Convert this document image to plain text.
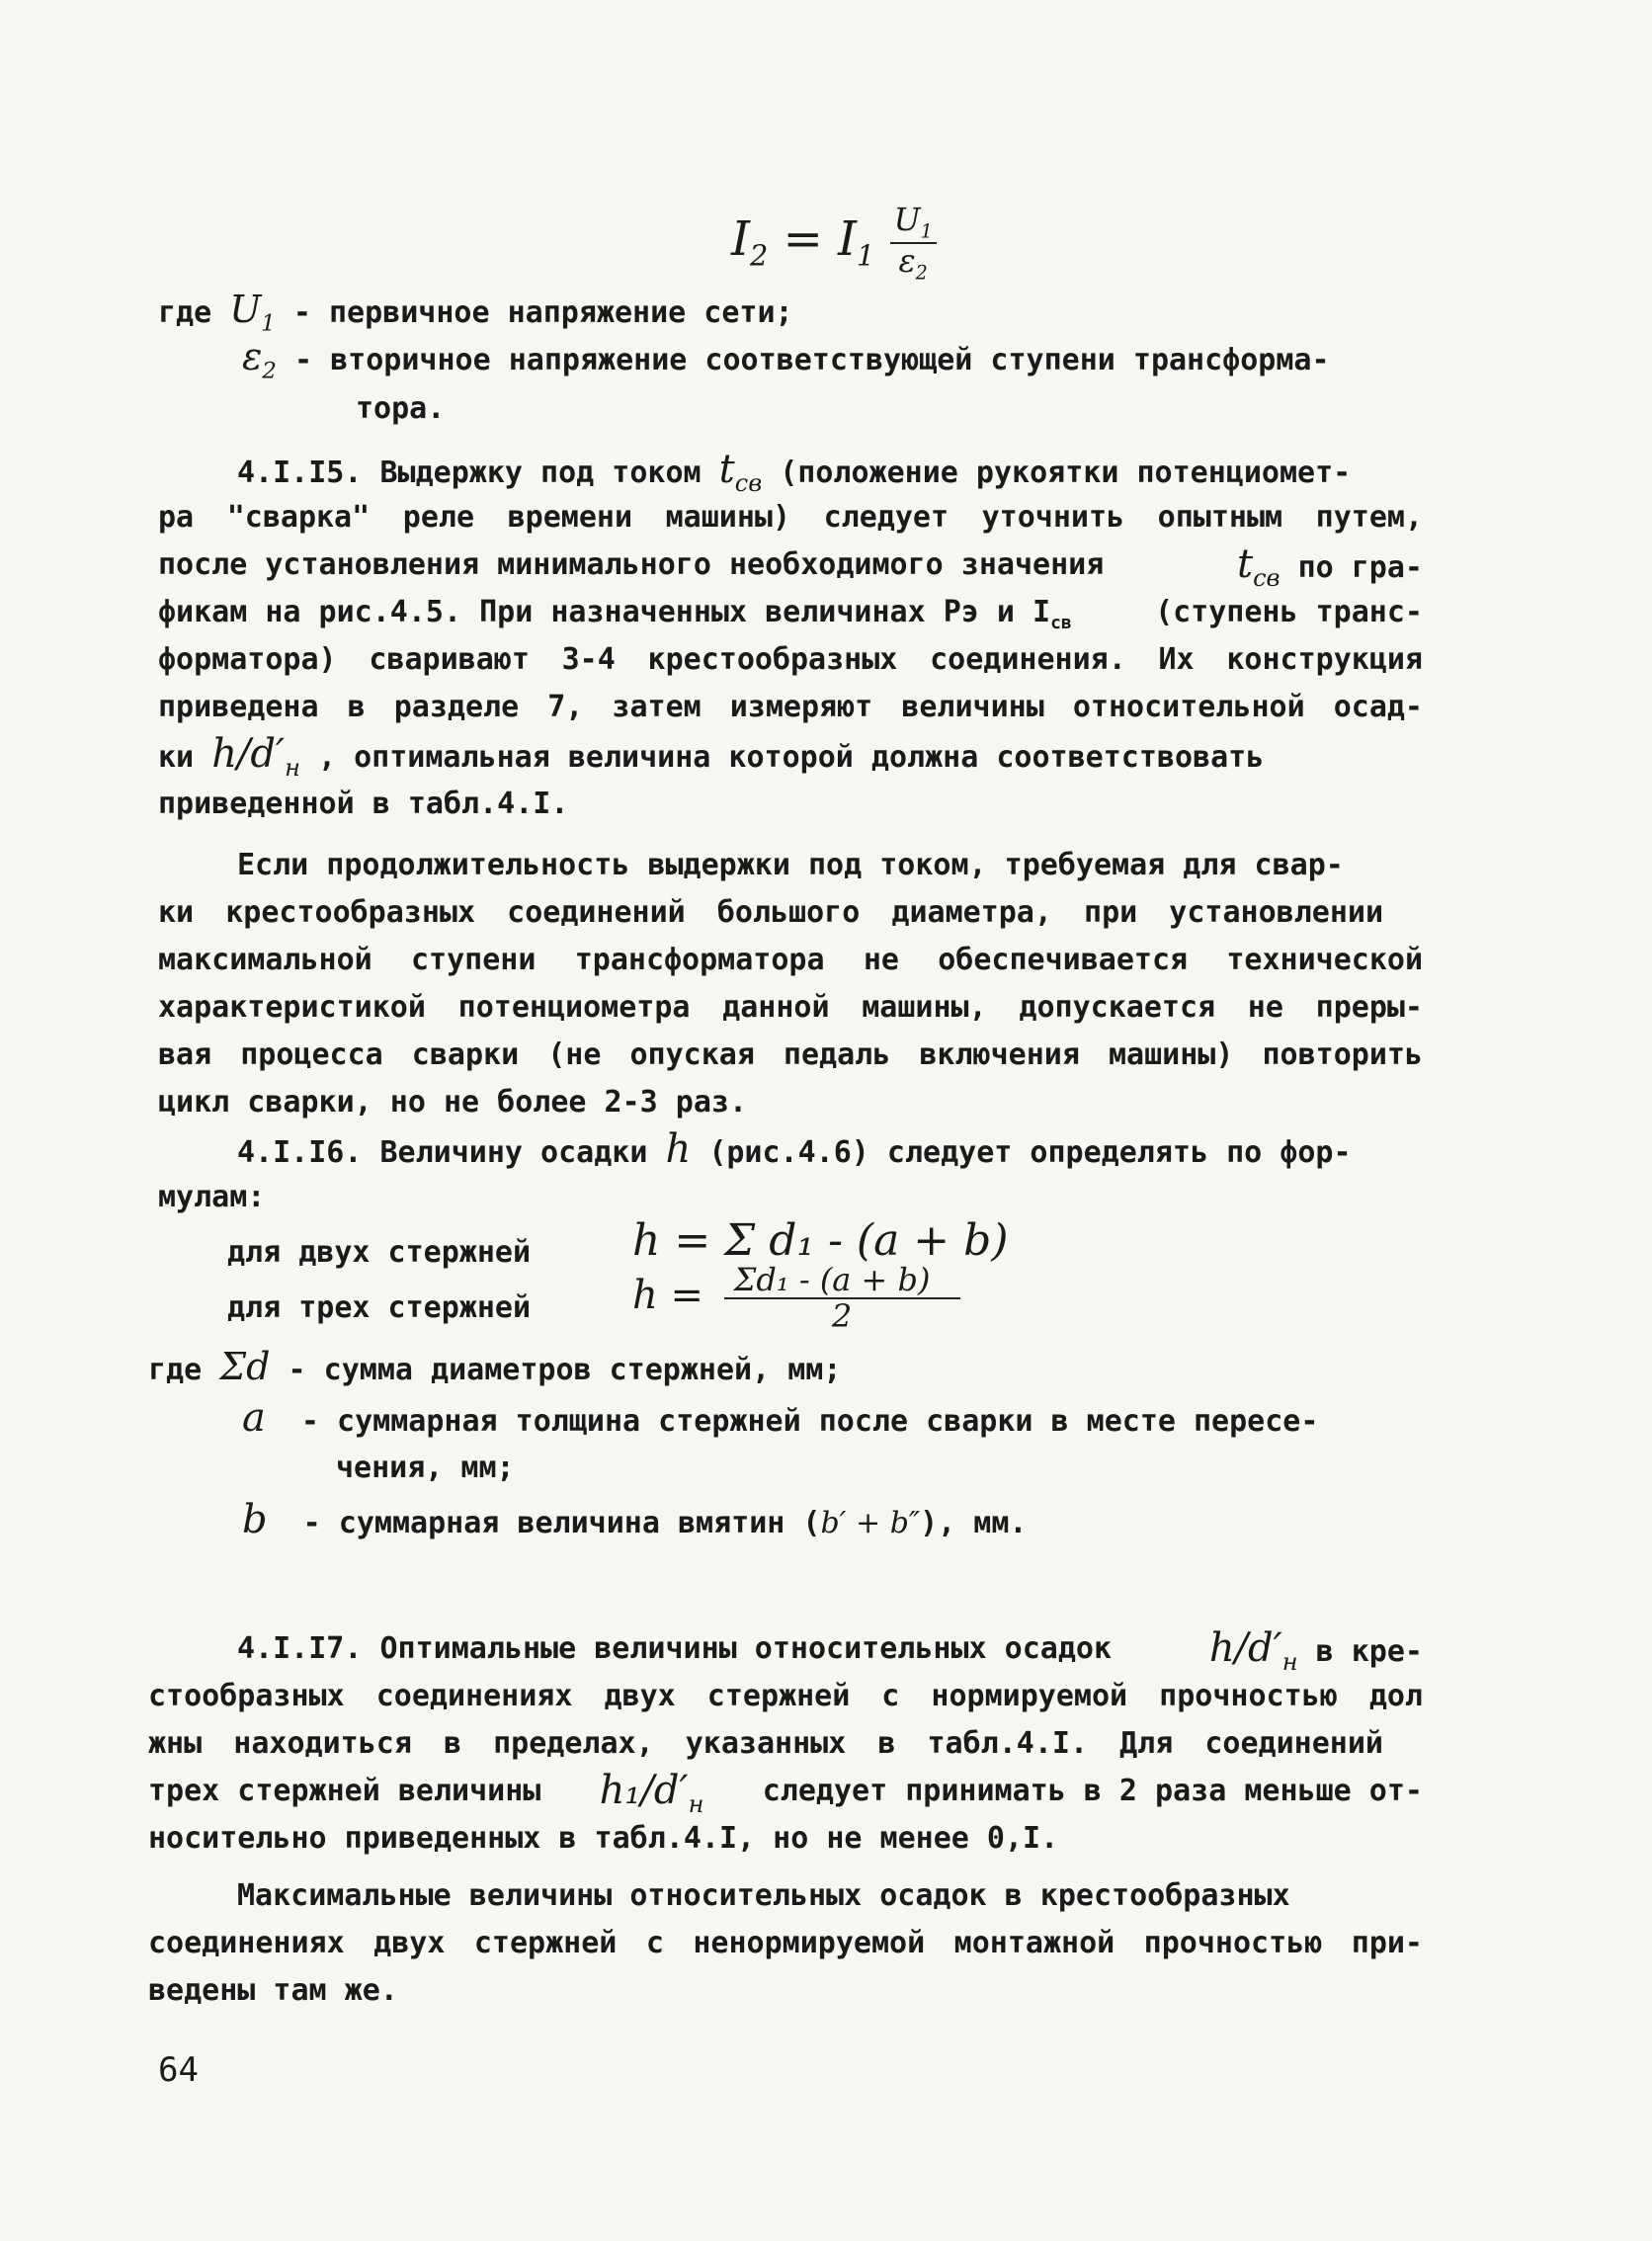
$I_2 = I_1 \frac{U_1}{\varepsilon_2}$
где $U_1$ - первичное напряжение сети;
$\varepsilon_2$ - вторичное напряжение соответствующей ступени трансформа-
тора.
4.I.I5. Выдержку под током $t_{св}$ (положение рукоятки потенциомет-
ра "сварка" реле времени машины) следует уточнить опытным путем,
после установления минимального необходимого значения	$t_{св}$ по гра-
фикам на рис.4.5. При назначенных величинах Рэ и $I_{св}$	(ступень транс-
форматора) сваривают 3-4 крестообразных соединения. Их конструкция
приведена в разделе 7, затем измеряют величины относительной осад-
ки $h/d'_н$ , оптимальная величина которой должна соответствовать
приведенной в табл.4.I.
Если продолжительность выдержки под током, требуемая для свар-
ки крестообразных соединений большого диаметра, при установлении
максимальной ступени трансформатора не обеспечивается технической
характеристикой потенциометра данной машины, допускается не преры-
вая процесса сварки (не опуская педаль включения машины) повторить
цикл сварки, но не более 2-3 раз.
4.I.I6. Величину осадки h (рис.4.6) следует определять по фор-
мулам:
для двух стержней h = Σ d₁ - (a + b)
для трех стержней	$h = \frac{\text{Σd₁ - (a + b)}}{2}$
где Σd - сумма диаметров стержней, мм;
a - суммарная толщина стержней после сварки в месте пересе-
чения, мм;
b - суммарная величина вмятин (b′ + b″), мм.
4.I.I7. Оптимальные величины относительных осадок $h/d'_н$ в кре-
стообразных соединениях двух стержней с нормируемой прочностью дол
жны находиться в пределах, указанных в табл.4.I. Для соединений
трех стержней величины $h_1/d'_н$ следует принимать в 2 раза меньше от-
носительно приведенных в табл.4.I, но не менее 0,I.
Максимальные величины относительных осадок в крестообразных
соединениях двух стержней с ненормируемой монтажной прочностью при-
ведены там же.
64
